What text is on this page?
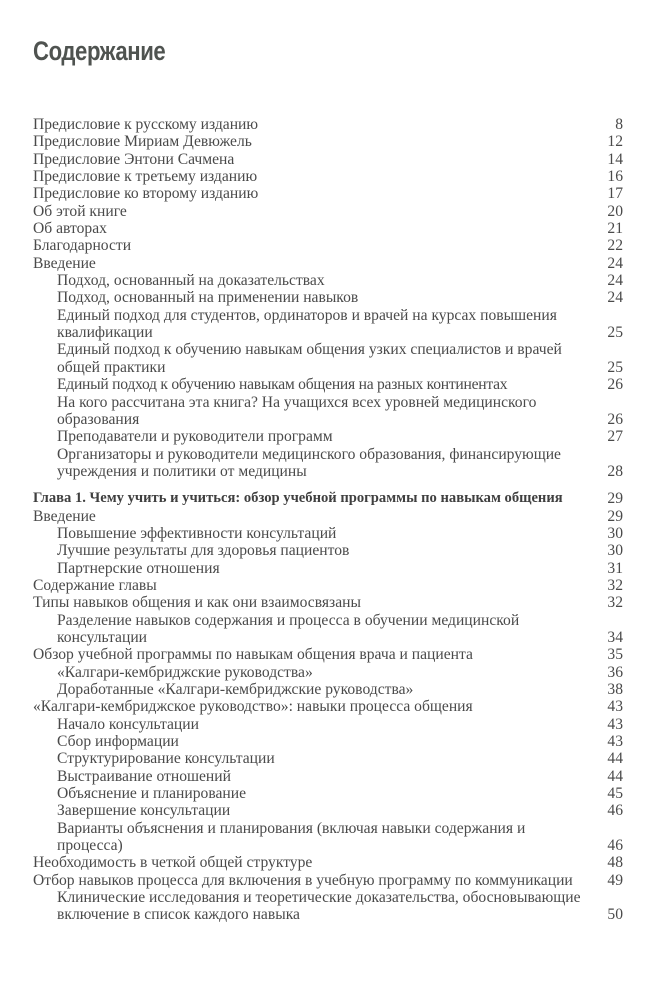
Содержание
Предисловие к русскому изданию	8
Предисловие Мириам Девюжель	12
Предисловие Энтони Сачмена	14
Предисловие к третьему изданию	16
Предисловие ко второму изданию	17
Об этой книге	20
Об авторах	21
Благодарности	22
Введение	24
Подход, основанный на доказательствах	24
Подход, основанный на применении навыков	24
Единый подход для студентов, ординаторов и врачей на курсах повышения квалификации	25
Единый подход к обучению навыкам общения узких специалистов и врачей общей практики	25
Единый подход к обучению навыкам общения на разных континентах	26
На кого рассчитана эта книга? На учащихся всех уровней медицинского образования	26
Преподаватели и руководители программ	27
Организаторы и руководители медицинского образования, финансирующие учреждения и политики от медицины	28
Глава 1. Чему учить и учиться: обзор учебной программы по навыкам общения	29
Введение	29
Повышение эффективности консультаций	30
Лучшие результаты для здоровья пациентов	30
Партнерские отношения	31
Содержание главы	32
Типы навыков общения и как они взаимосвязаны	32
Разделение навыков содержания и процесса в обучении медицинской консультации	34
Обзор учебной программы по навыкам общения врача и пациента	35
«Калгари-кембриджские руководства»	36
Доработанные «Калгари-кембриджские руководства»	38
«Калгари-кембриджское руководство»: навыки процесса общения	43
Начало консультации	43
Сбор информации	43
Структурирование консультации	44
Выстраивание отношений	44
Объяснение и планирование	45
Завершение консультации	46
Варианты объяснения и планирования (включая навыки содержания и процесса)	46
Необходимость в четкой общей структуре	48
Отбор навыков процесса для включения в учебную программу по коммуникации	49
Клинические исследования и теоретические доказательства, обосновывающие включение в список каждого навыка	50
